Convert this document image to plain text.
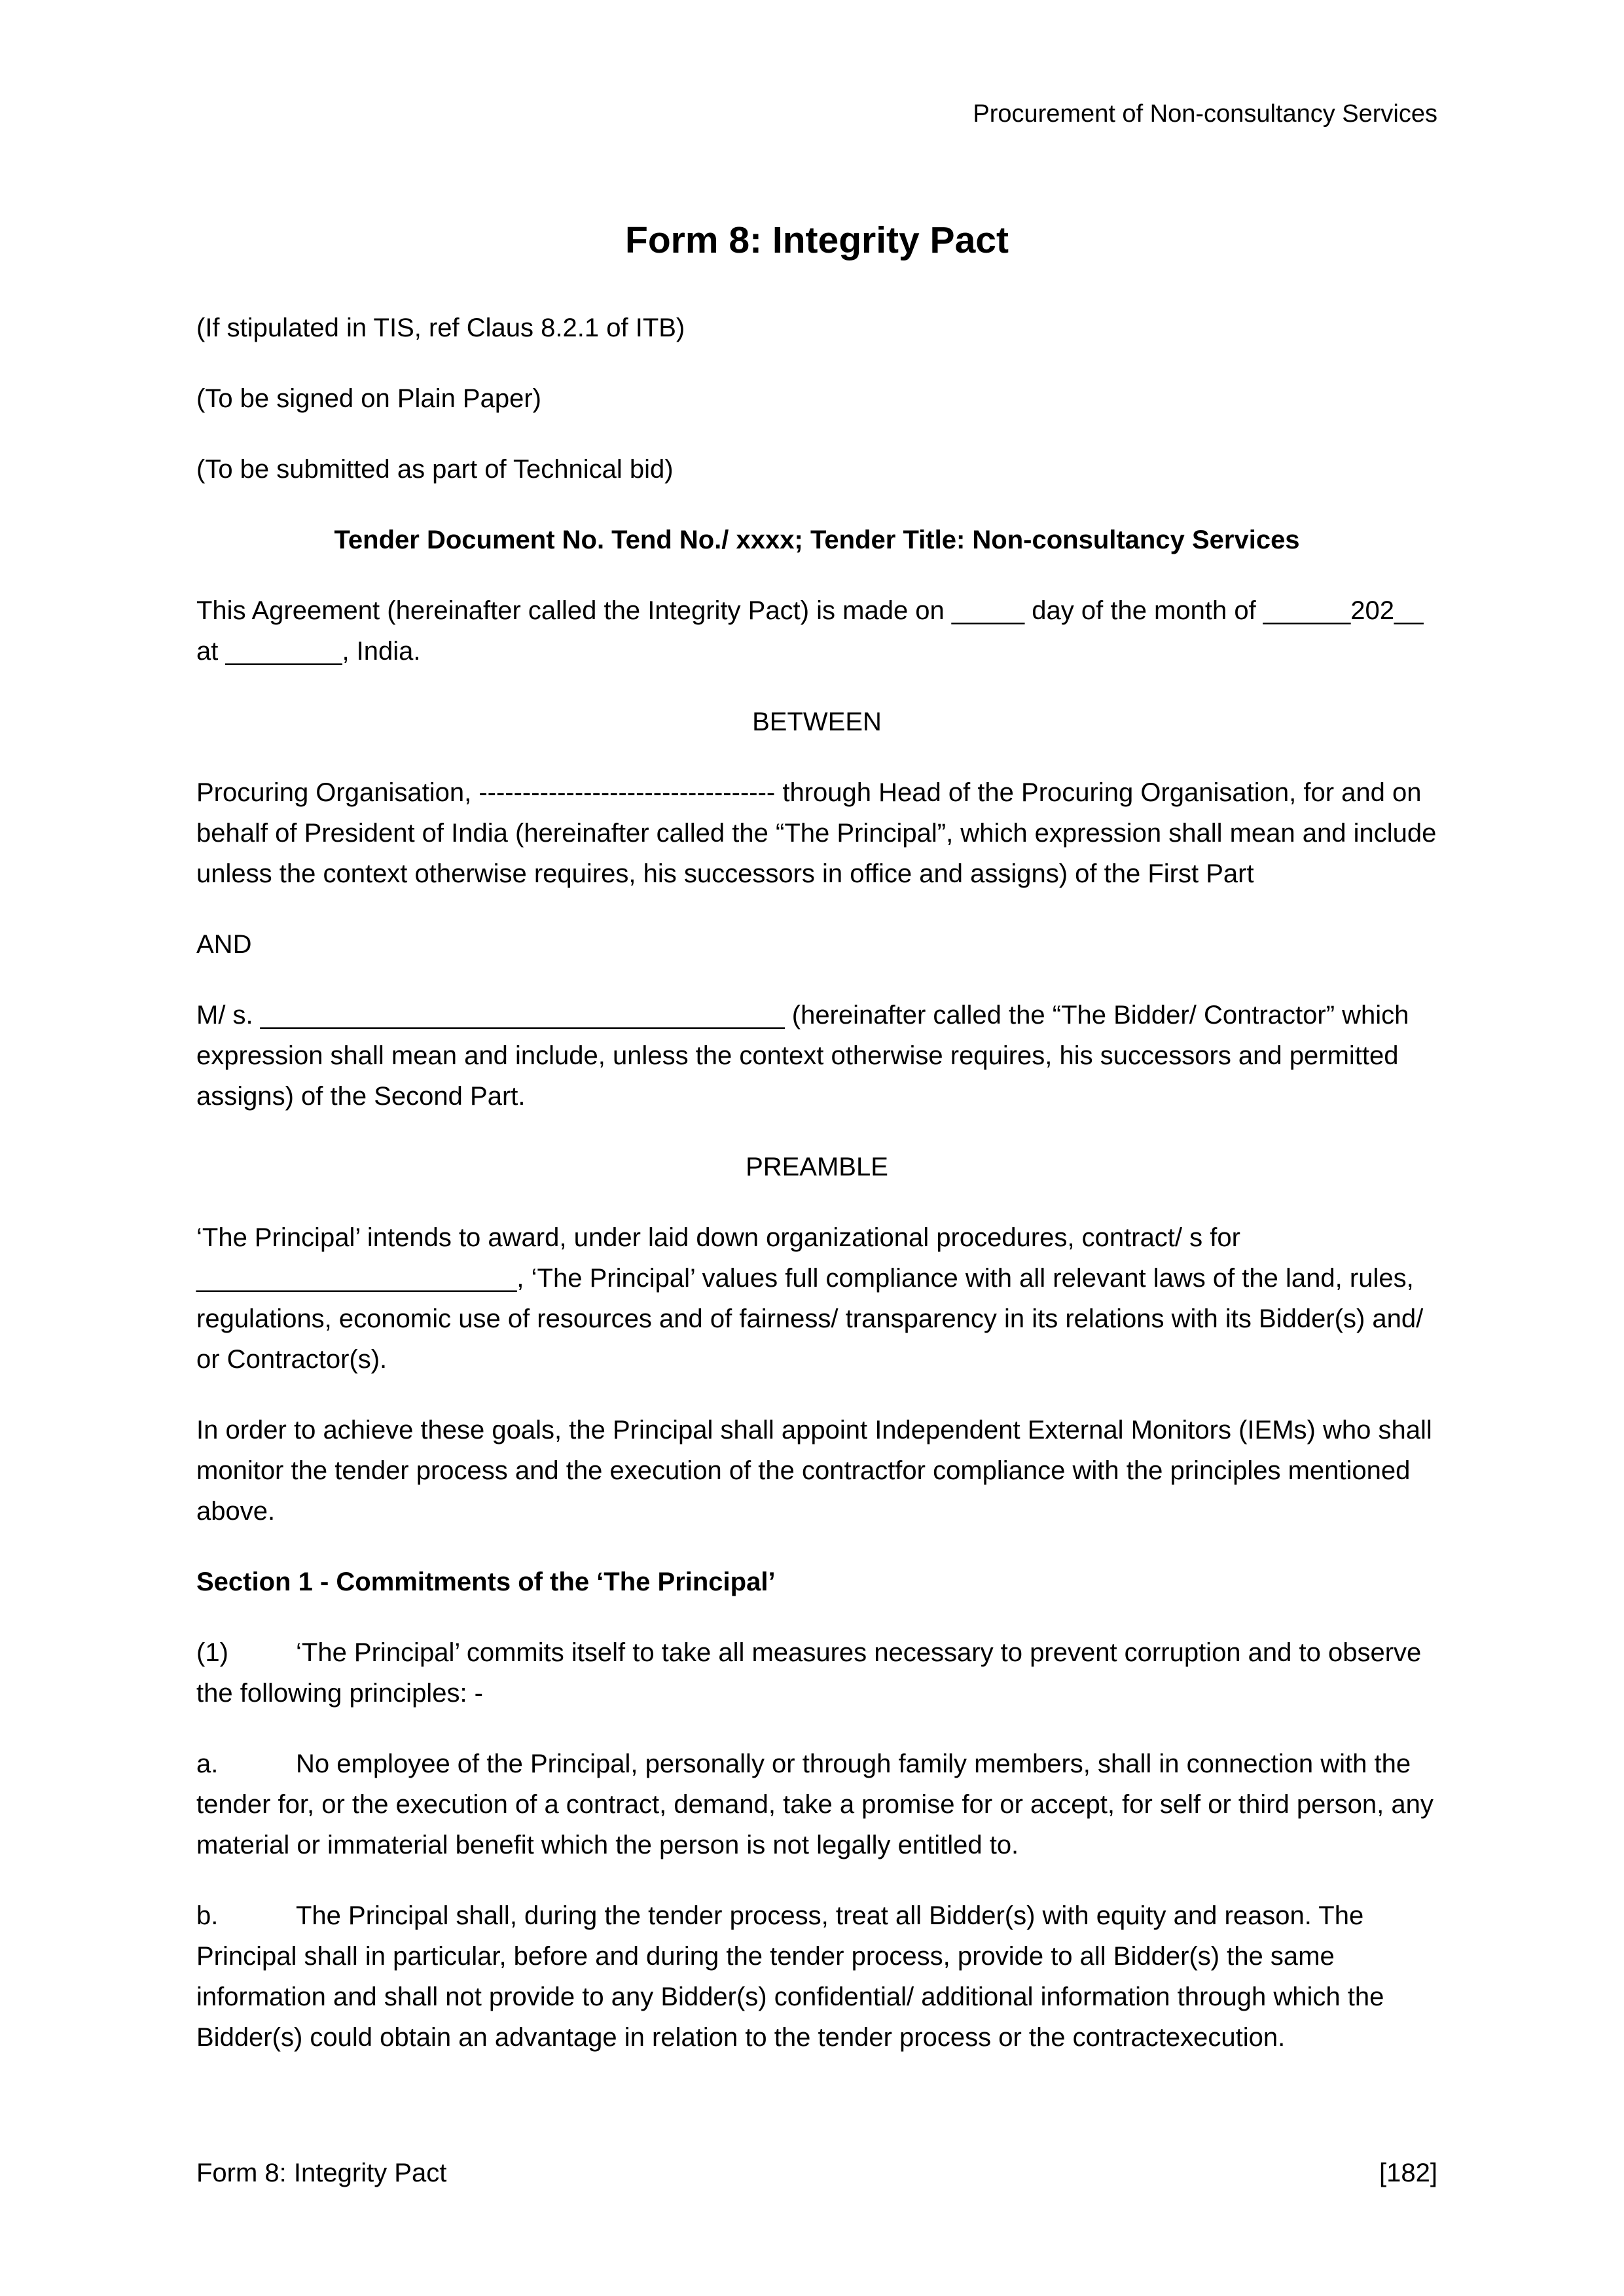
Procurement of Non-consultancy Services
Form 8: Integrity Pact

(If stipulated in TIS, ref Claus 8.2.1 of ITB)

(To be signed on Plain Paper)

(To be submitted as part of Technical bid)

Tender Document No. Tend No./ xxxx; Tender Title: Non-consultancy Services

This Agreement (hereinafter called the Integrity Pact) is made on _____ day of the month of ______202__ at ________, India.

BETWEEN

Procuring Organisation, ---------------------------------- through Head of the Procuring Organisation, for and on behalf of President of India (hereinafter called the “The Principal”, which expression shall mean and include unless the context otherwise requires, his successors in office and assigns) of the First Part

AND

M/ s. ____________________________________ (hereinafter called the “The Bidder/ Contractor” which expression shall mean and include, unless the context otherwise requires, his successors and permitted assigns) of the Second Part.

PREAMBLE

‘The Principal’ intends to award, under laid down organizational procedures, contract/ s for ______________________, ‘The Principal’ values full compliance with all relevant laws of the land, rules, regulations, economic use of resources and of fairness/ transparency in its relations with its Bidder(s) and/ or Contractor(s).

In order to achieve these goals, the Principal shall appoint Independent External Monitors (IEMs) who shall monitor the tender process and the execution of the contractfor compliance with the principles mentioned above.

Section 1 - Commitments of the ‘The Principal’

(1)	‘The Principal’ commits itself to take all measures necessary to prevent corruption and to observe the following principles: -

a.	No employee of the Principal, personally or through family members, shall in connection with the tender for, or the execution of a contract, demand, take a promise for or accept, for self or third person, any material or immaterial benefit which the person is not legally entitled to.

b.	The Principal shall, during the tender process, treat all Bidder(s) with equity and reason. The Principal shall in particular, before and during the tender process, provide to all Bidder(s) the same information and shall not provide to any Bidder(s) confidential/ additional information through which the Bidder(s) could obtain an advantage in relation to the tender process or the contractexecution.

Form 8: Integrity Pact	[182]
